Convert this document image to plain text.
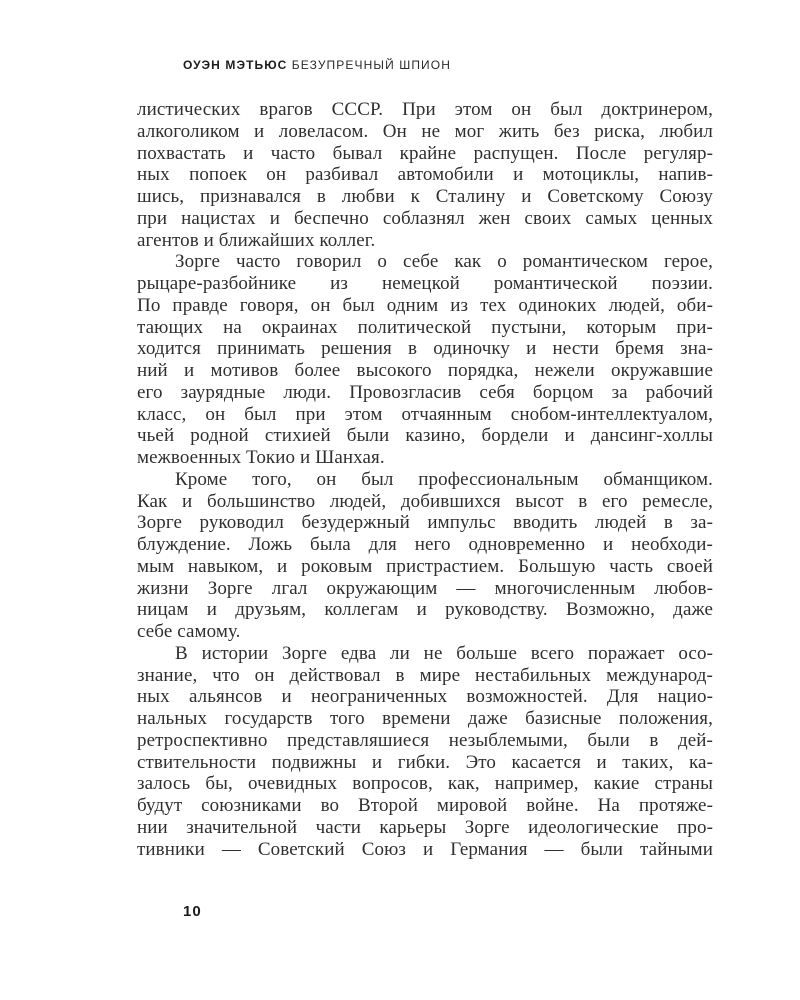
ОУЭН МЭТЬЮС БЕЗУПРЕЧНЫЙ ШПИОН
листических врагов СССР. При этом он был доктринером,
алкоголиком и ловеласом. Он не мог жить без риска, любил
похвастать и часто бывал крайне распущен. После регуляр-
ных попоек он разбивал автомобили и мотоциклы, напив-
шись, признавался в любви к Сталину и Советскому Союзу
при нацистах и беспечно соблазнял жен своих самых ценных
агентов и ближайших коллег.
Зорге часто говорил о себе как о романтическом герое,
рыцаре-разбойнике из немецкой романтической поэзии.
По правде говоря, он был одним из тех одиноких людей, оби-
тающих на окраинах политической пустыни, которым при-
ходится принимать решения в одиночку и нести бремя зна-
ний и мотивов более высокого порядка, нежели окружавшие
его заурядные люди. Провозгласив себя борцом за рабочий
класс, он был при этом отчаянным снобом-интеллектуалом,
чьей родной стихией были казино, бордели и дансинг-холлы
межвоенных Токио и Шанхая.
Кроме того, он был профессиональным обманщиком.
Как и большинство людей, добившихся высот в его ремесле,
Зорге руководил безудержный импульс вводить людей в за-
блуждение. Ложь была для него одновременно и необходи-
мым навыком, и роковым пристрастием. Большую часть своей
жизни Зорге лгал окружающим — многочисленным любов-
ницам и друзьям, коллегам и руководству. Возможно, даже
себе самому.
В истории Зорге едва ли не больше всего поражает осо-
знание, что он действовал в мире нестабильных международ-
ных альянсов и неограниченных возможностей. Для нацио-
нальных государств того времени даже базисные положения,
ретроспективно представляшиеся незыблемыми, были в дей-
ствительности подвижны и гибки. Это касается и таких, ка-
залось бы, очевидных вопросов, как, например, какие страны
будут союзниками во Второй мировой войне. На протяже-
нии значительной части карьеры Зорге идеологические про-
тивники — Советский Союз и Германия — были тайными
10
